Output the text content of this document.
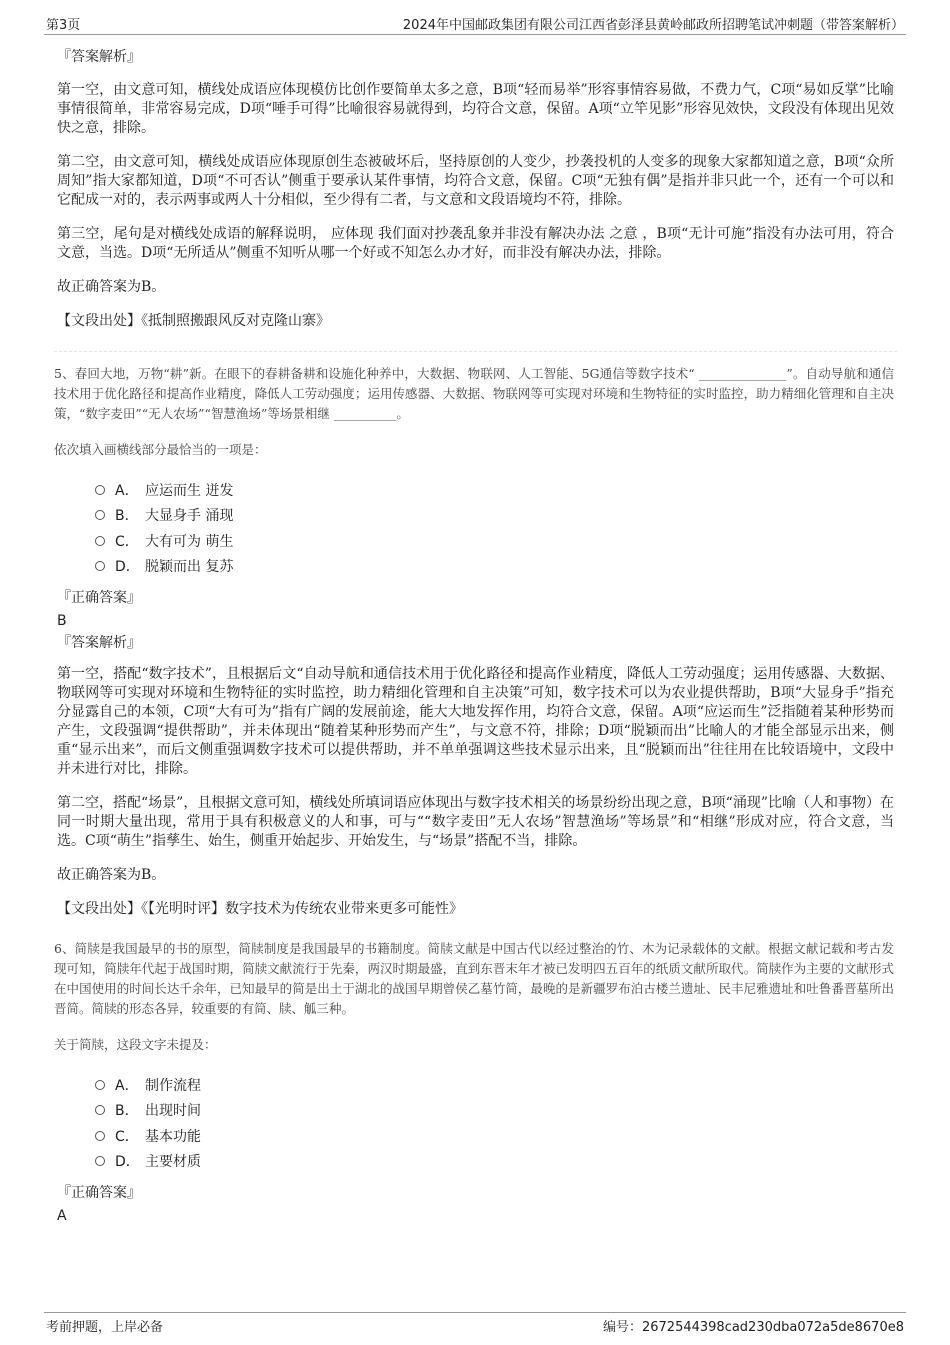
第3页	2024年中国邮政集团有限公司江西省彭泽县黄岭邮政所招聘笔试冲刺题（带答案解析）
『答案解析』

第一空，由文意可知，横线处成语应体现模仿比创作要简单太多之意，B项“轻而易举”形容事情容易做，不费力气，C项“易如反掌”比喻事情很简单，非常容易完成，D项“唾手可得”比喻很容易就得到，均符合文意，保留。A项“立竿见影”形容见效快，文段没有体现出见效快之意，排除。

第二空，由文意可知，横线处成语应体现原创生态被破坏后，坚持原创的人变少，抄袭投机的人变多的现象大家都知道之意，B项“众所周知”指大家都知道，D项“不可否认”侧重于要承认某件事情，均符合文意，保留。C项“无独有偶”是指并非只此一个，还有一个可以和它配成一对的，表示两事或两人十分相似，至少得有二者，与文意和文段语境均不符，排除。

第三空，尾句是对横线处成语的解释说明， 应体现 我们面对抄袭乱象并非没有解决办法 之意 ，B项“无计可施”指没有办法可用，符合文意，当选。D项“无所适从”侧重不知听从哪一个好或不知怎么办才好，而非没有解决办法，排除。

故正确答案为B。

【文段出处】《抵制照搬跟风反对克隆山寨》

5、春回大地，万物“耕”新。在眼下的春耕备耕和设施化种养中，大数据、物联网、人工智能、5G通信等数字技术“ ______________”。自动导航和通信技术用于优化路径和提高作业精度，降低人工劳动强度；运用传感器、大数据、物联网等可实现对环境和生物特征的实时监控，助力精细化管理和自主决策，“数字麦田”“无人农场”“智慧渔场”等场景相继 __________。

依次填入画横线部分最恰当的一项是：

A． 应运而生 迸发
B． 大显身手 涌现
C． 大有可为 萌生
D． 脱颖而出 复苏
『正确答案』
B
『答案解析』

第一空，搭配“数字技术”，且根据后文“自动导航和通信技术用于优化路径和提高作业精度，降低人工劳动强度；运用传感器、大数据、物联网等可实现对环境和生物特征的实时监控，助力精细化管理和自主决策”可知，数字技术可以为农业提供帮助，B项“大显身手”指充分显露自己的本领，C项“大有可为”指有广阔的发展前途，能大大地发挥作用，均符合文意，保留。A项“应运而生”泛指随着某种形势而产生，文段强调“提供帮助”，并未体现出“随着某种形势而产生”，与文意不符，排除；D项“脱颖而出”比喻人的才能全部显示出来，侧重“显示出来”，而后文侧重强调数字技术可以提供帮助，并不单单强调这些技术显示出来，且“脱颖而出”往往用在比较语境中，文段中并未进行对比，排除。

第二空，搭配“场景”，且根据文意可知，横线处所填词语应体现出与数字技术相关的场景纷纷出现之意，B项“涌现”比喻（人和事物）在同一时期大量出现，常用于具有积极意义的人和事，可与““数字麦田”无人农场”智慧渔场”等场景”和“相继”形成对应，符合文意，当选。C项“萌生”指孳生、始生，侧重开始起步、开始发生，与“场景”搭配不当，排除。

故正确答案为B。

【文段出处】《【光明时评】数字技术为传统农业带来更多可能性》

6、简牍是我国最早的书的原型，简牍制度是我国最早的书籍制度。简牍文献是中国古代以经过整治的竹、木为记录载体的文献。根据文献记载和考古发现可知，简牍年代起于战国时期，简牍文献流行于先秦，两汉时期最盛，直到东晋末年才被已发明四五百年的纸质文献所取代。简牍作为主要的文献形式在中国使用的时间长达千余年，已知最早的简是出土于湖北的战国早期曾侯乙墓竹简，最晚的是新疆罗布泊古楼兰遗址、民丰尼雅遗址和吐鲁番晋墓所出晋简。简牍的形态各异，较重要的有简、牍、觚三种。

关于简牍，这段文字未提及：

A． 制作流程
B． 出现时间
C． 基本功能
D． 主要材质
『正确答案』
A
考前押题，上岸必备	编号：2672544398cad230dba072a5de8670e8
